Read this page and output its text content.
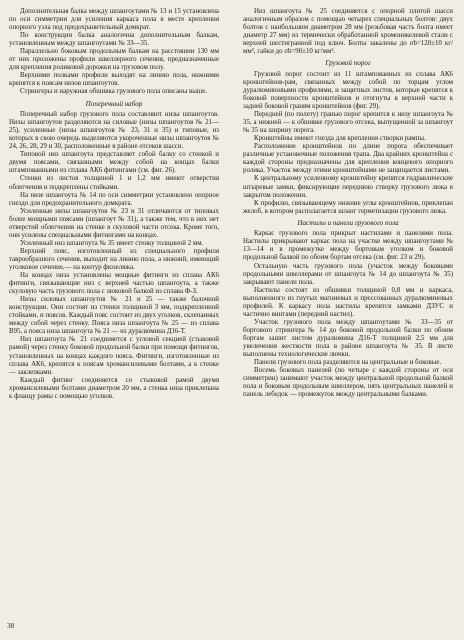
Дополнительная балка между шпангоутами № 13 и 15 установлена по оси симметрии для усиления каркаса пола в месте крепления опорного узла под предохранительный домкрат.

По конструкции балка аналогична дополнительным балкам, установленным между шпангоутами № 33—35.

Параллельно боковым продольным балкам на расстоянии 130 мм от них проложены профили швеллерного сечения, предназначенные для крепления роликовой дорожки на грузовом полу.

Верхними полками профили выходят на линию пола, нижними крепятся к поясам низов шпангоутов.

Стрингеры и наружная обшивка грузового пола описаны выше.

Поперечный набор

Поперечный набор грузового пола составляют низы шпангоутов. Низы шпангоутов разделяются на силовые (низы шпангоутов № 21—25), усиленные (низы шпангоутов № 23, 31 и 35) и типовые, из которых в свою очередь выделяются укороченные низы шпангоутов № 24, 26, 28, 29 и 30, расположенные в районе отсеков шасси.

Типовой низ шпангоута представляет собой балку со стенкой и двумя поясами, связанными между собой на концах балки штампованными из сплава АК6 фитингами (см. фиг. 26).

Стенки из листов толщиной 1 и 1,2 мм имеют отверстия облегчения и подкреплены стойками.

На низе шпангоута № 14 по оси симметрии установлено опорное гнездо для предохранительного домкрата.

Усиленные низы шпангоутов № 23 и 31 отличаются от типовых более мощными поясами (шпангоут № 31), а также тем, что в них нет отверстий облегчения на стенке в скуловой части отсека. Кроме того, они усилены специальными фитингами на концах.

Усиленный низ шпангоута № 35 имеет стенку толщиной 2 мм.

Верхний пояс, изготовленный из специального профиля таврообразного сечения, выходит на линию пола, а нижний, имеющий уголковое сечение,— на контур фюзеляжа.

На концах низа установлены мощные фитинги из сплава АК6 фитинги, связывающие низ с верхней частью шпангоута, а также скуловую часть грузового пола с люковой балкой из сплава Ф-З.

Низы силовых шпангоутов № 21 и 25 — также балочной конструкции. Они состоят из стенки толщиной 3 мм, подкрепленной стойками, и поясов. Каждый пояс состоит из двух уголков, склепанных между собой через стенку. Пояса низа шпангоута № 25 — из сплава В95, а пояса низа шпангоута № 21 — из дуралюмина Д16-Т.

Низ шпангоута № 21 соединяется с угловой секцией (стыковой рамой) через стенку боковой продольной балки при помощи фитингов, установленных на концах каждого пояса. Фитинги, изготовленные из сплава АК6, крепятся к поясам хромансилевыми болтами, а к стенке — заклепками.

Каждый фитинг соединяется со стыковой рамой двумя хромансилевыми болтами диаметром 20 мм, а стенка низа приклепана к фланцу рамы с помощью уголков.

Низ шпангоута № 25 соединяется с опорной плитой шасси аналогичным образом с помощью четырех специальных болтов: двух болтов с наибольшим диаметром 28 мм (резьбовая часть болта имеет диаметр 27 мм) из термически обработанной хромоникелевой стали с верхней шестигранной под ключ. Болты закалены до σb=120±10 кг/мм², гайки до σb=90±10 кг/мм².

Грузовой порог

Грузовой порог состоит из 11 штампованных из сплава АК6 кронштейнов-рам, связанных между собой по торцам углом дуралюминовыми профилями, и защитных листов, которые крепятся к боковой поверхности кронштейнов и отогнуты в верхней части к задней боковой граням кронштейнов (фиг. 29).

Передней (по полету) гранью порог крепится к низу шпангоута № 35, а нижней — к обшивке грузового отсека, выпущенной за шпангоут № 35 на ширину порога.

Кронштейны имеют гнезда для крепления створки рампы.

Расположение кронштейнов по длине порога обеспечивает различные установочные положения трапа. Два крайних кронштейна с каждой стороны предназначены для крепления концевого опорного ролика. Участок между этими кронштейнами не защищается листами.

К центральному усиленному кронштейну крепятся гидравлические штыревые замки, фиксирующие переднюю створку грузового люка в закрытом положении.

К профилю, связывающему нижние углы кронштейнов, приклепан желоб, в котором располагается шланг герметизации грузового люка.

Настилы и панели грузового пола

Каркас грузового пола прикрыт настилами и панелями пола. Настилы прикрывают каркас пола на участке между шпангоутами № 13—14 и в промежутке между бортовым уголком и боковой продольной балкой по обоим бортам отсека (см. фиг. 23 и 29).

Остальную часть грузового пола (участок между боковыми продольными швеллерами от шпангоута № 14 до шпангоута № 35) закрывают панели пола.

Настилы состоят из обшивки толщиной 0,8 мм и каркаса, выполненного из гнутых магниевых и прессованных дуралюминовых профилей. К каркасу пола настилы крепятся замками ДЗУС и частично винтами (передний настил).

Участок грузового пола между шпангоутами № 33—35 от бортового стрингера № 14 до боковой продольной балки по обоим бортам зашит листом дуралюмина Д16-Т толщиной 2,5 мм для увеличения жесткости пола в районе шпангоута № 35. В листе выполнены технологические лючки.

Панели грузового пола разделяются на центральные и боковые.

Восемь боковых панелей (по четыре с каждой стороны от оси симметрии) занимают участок между центральной продольной балкой пола и боковым продольным швеллером, пять центральных панелей и панель лебедок — промежуток между центральными балками.

38
